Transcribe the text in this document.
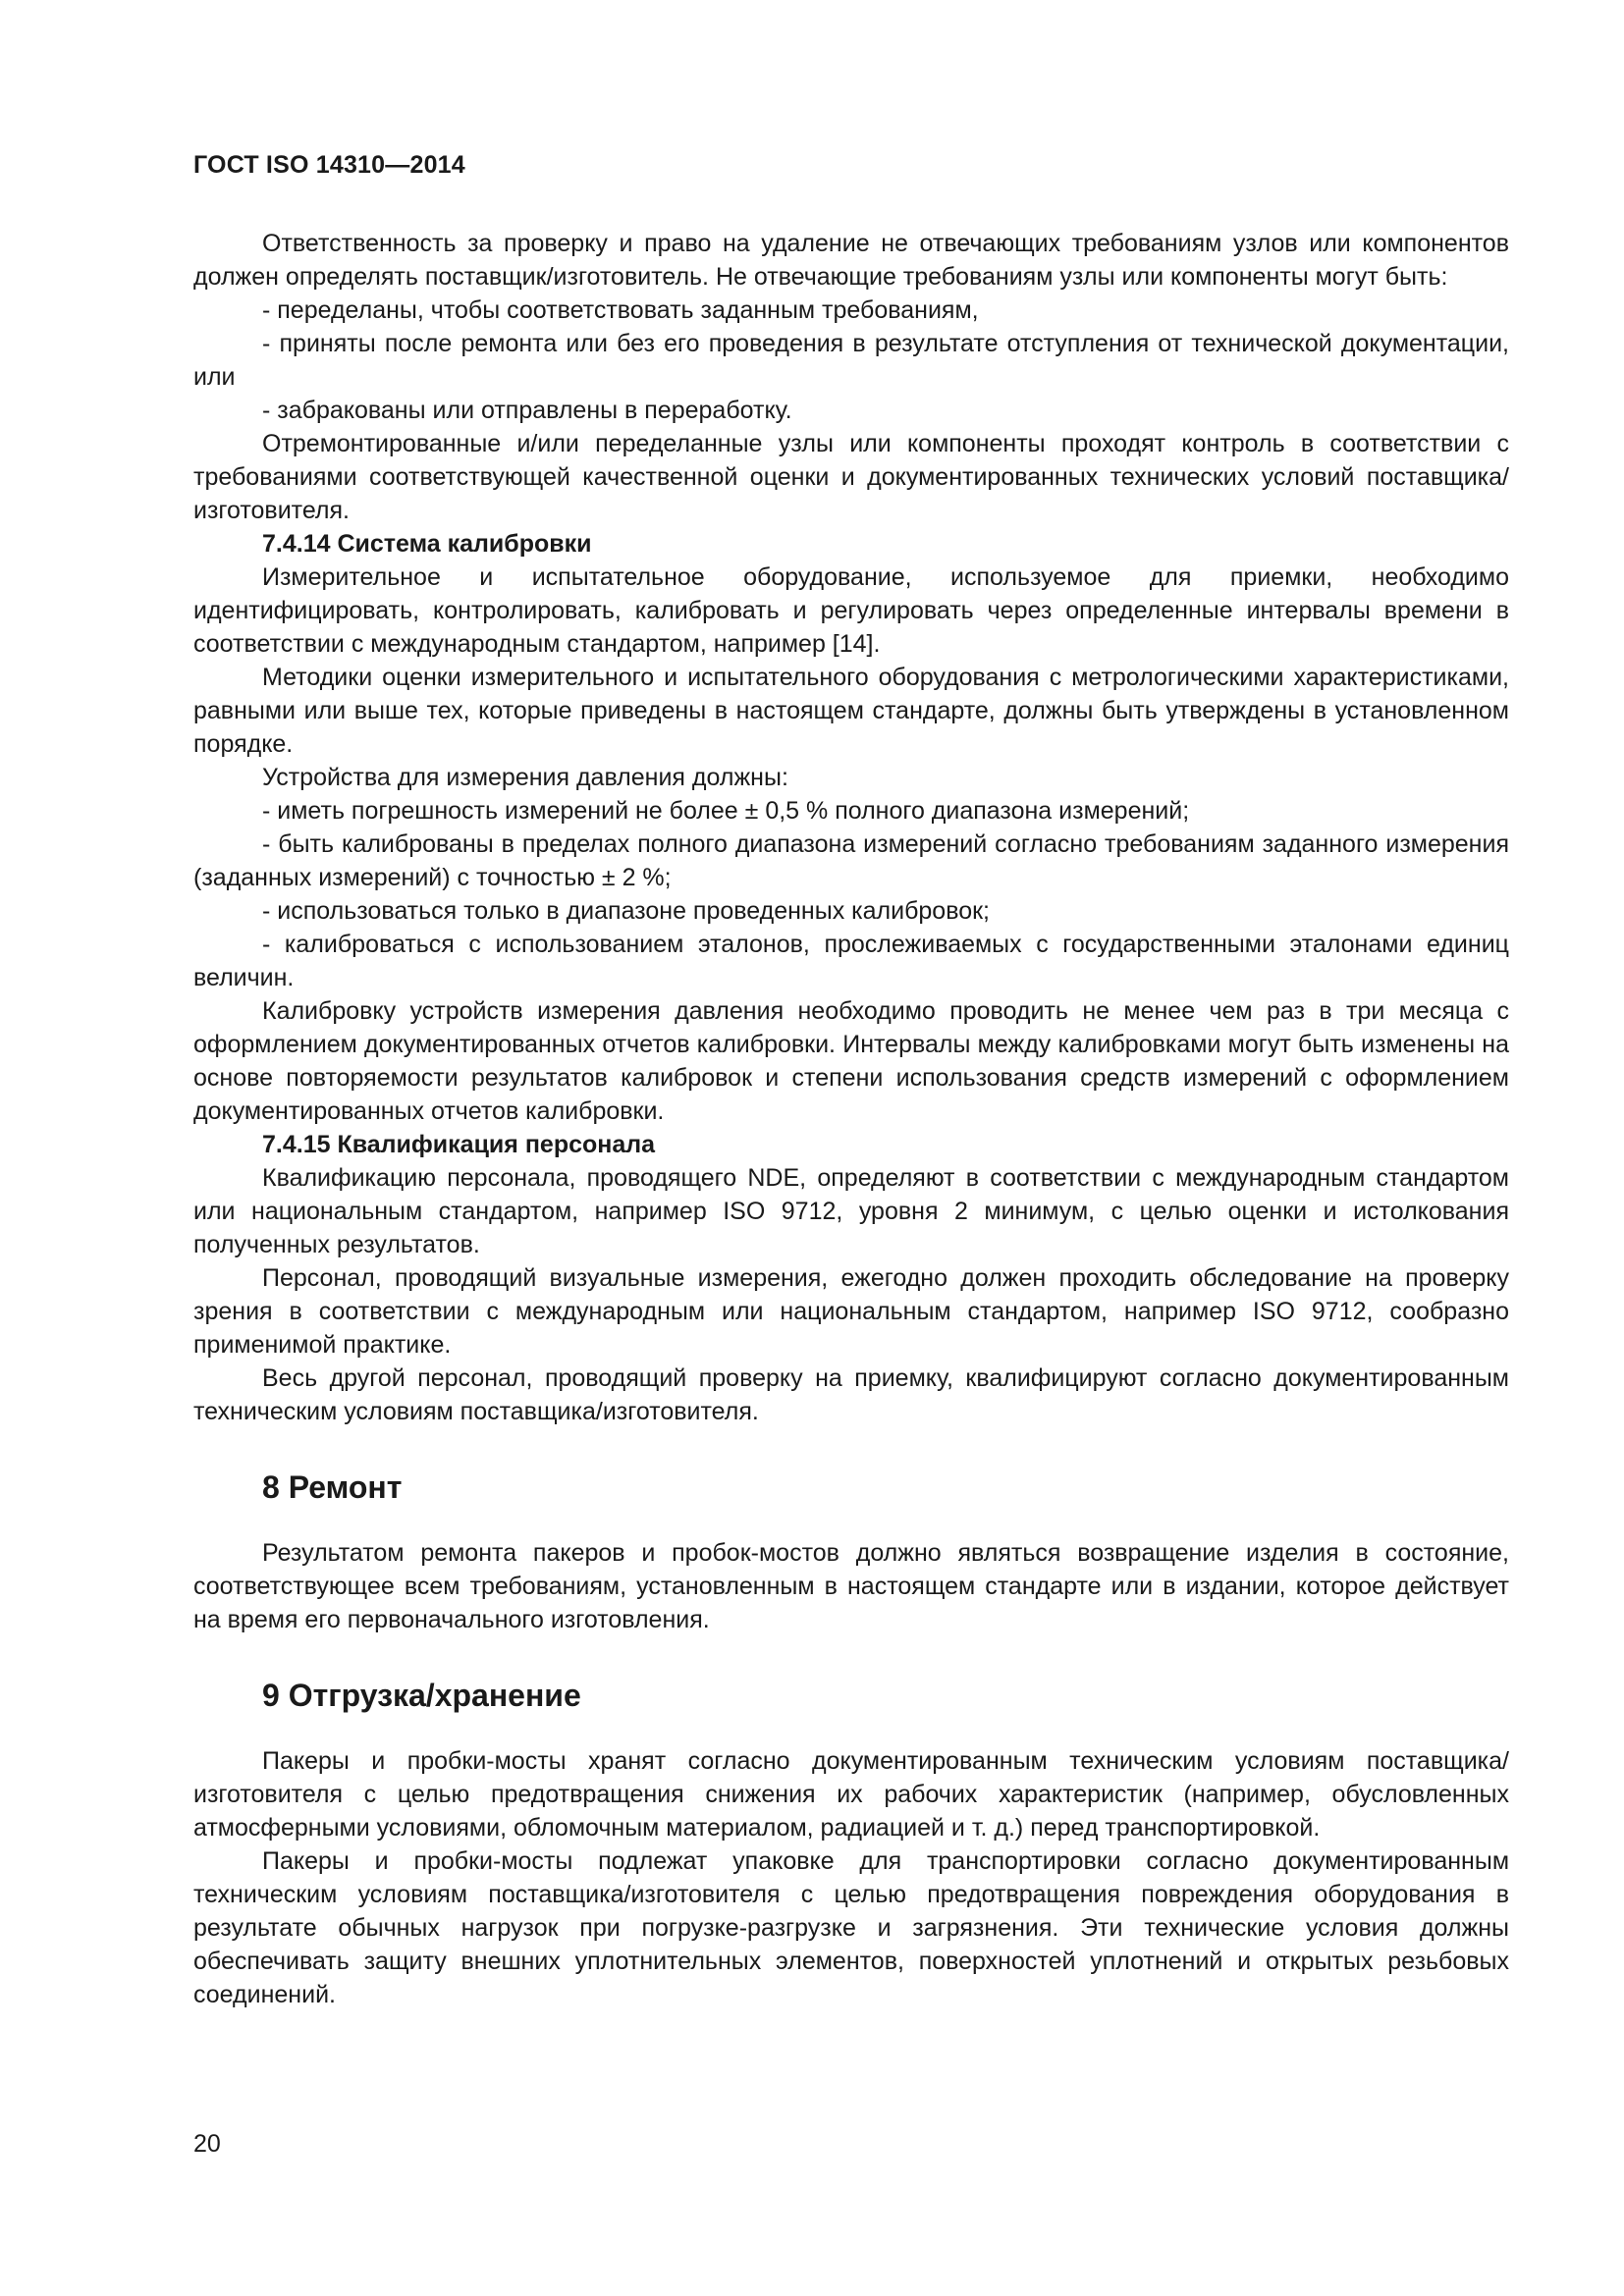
ГОСТ ISO 14310—2014

Ответственность за проверку и право на удаление не отвечающих требованиям узлов или компонентов должен определять поставщик/изготовитель. Не отвечающие требованиям узлы или компоненты могут быть:

- переделаны, чтобы соответствовать заданным требованиям,

- приняты после ремонта или без его проведения в результате отступления от технической документации, или

- забракованы или отправлены в переработку.

Отремонтированные и/или переделанные узлы или компоненты проходят контроль в соответствии с требованиями соответствующей качественной оценки и документированных технических условий поставщика/изготовителя.

7.4.14 Система калибровки

Измерительное и испытательное оборудование, используемое для приемки, необходимо идентифицировать, контролировать, калибровать и регулировать через определенные интервалы времени в соответствии с международным стандартом, например [14].

Методики оценки измерительного и испытательного оборудования с метрологическими характеристиками, равными или выше тех, которые приведены в настоящем стандарте, должны быть утверждены в установленном порядке.

Устройства для измерения давления должны:

- иметь погрешность измерений не более ± 0,5 % полного диапазона измерений;

- быть калиброваны в пределах полного диапазона измерений согласно требованиям заданного измерения (заданных измерений) с точностью ± 2 %;

- использоваться только в диапазоне проведенных калибровок;

- калиброваться с использованием эталонов, прослеживаемых с государственными эталонами единиц величин.

Калибровку устройств измерения давления необходимо проводить не менее чем раз в три месяца с оформлением документированных отчетов калибровки. Интервалы между калибровками могут быть изменены на основе повторяемости результатов калибровок и степени использования средств измерений с оформлением документированных отчетов калибровки.

7.4.15 Квалификация персонала

Квалификацию персонала, проводящего NDE, определяют в соответствии с международным стандартом или национальным стандартом, например ISO 9712, уровня 2 минимум, с целью оценки и истолкования полученных результатов.

Персонал, проводящий визуальные измерения, ежегодно должен проходить обследование на проверку зрения в соответствии с международным или национальным стандартом, например ISO 9712, сообразно применимой практике.

Весь другой персонал, проводящий проверку на приемку, квалифицируют согласно документированным техническим условиям поставщика/изготовителя.

8 Ремонт

Результатом ремонта пакеров и пробок-мостов должно являться возвращение изделия в состояние, соответствующее всем требованиям, установленным в настоящем стандарте или в издании, которое действует на время его первоначального изготовления.

9 Отгрузка/хранение

Пакеры и пробки-мосты хранят согласно документированным техническим условиям поставщика/изготовителя с целью предотвращения снижения их рабочих характеристик (например, обусловленных атмосферными условиями, обломочным материалом, радиацией и т. д.) перед транспортировкой.

Пакеры и пробки-мосты подлежат упаковке для транспортировки согласно документированным техническим условиям поставщика/изготовителя с целью предотвращения повреждения оборудования в результате обычных нагрузок при погрузке-разгрузке и загрязнения. Эти технические условия должны обеспечивать защиту внешних уплотнительных элементов, поверхностей уплотнений и открытых резьбовых соединений.

20
